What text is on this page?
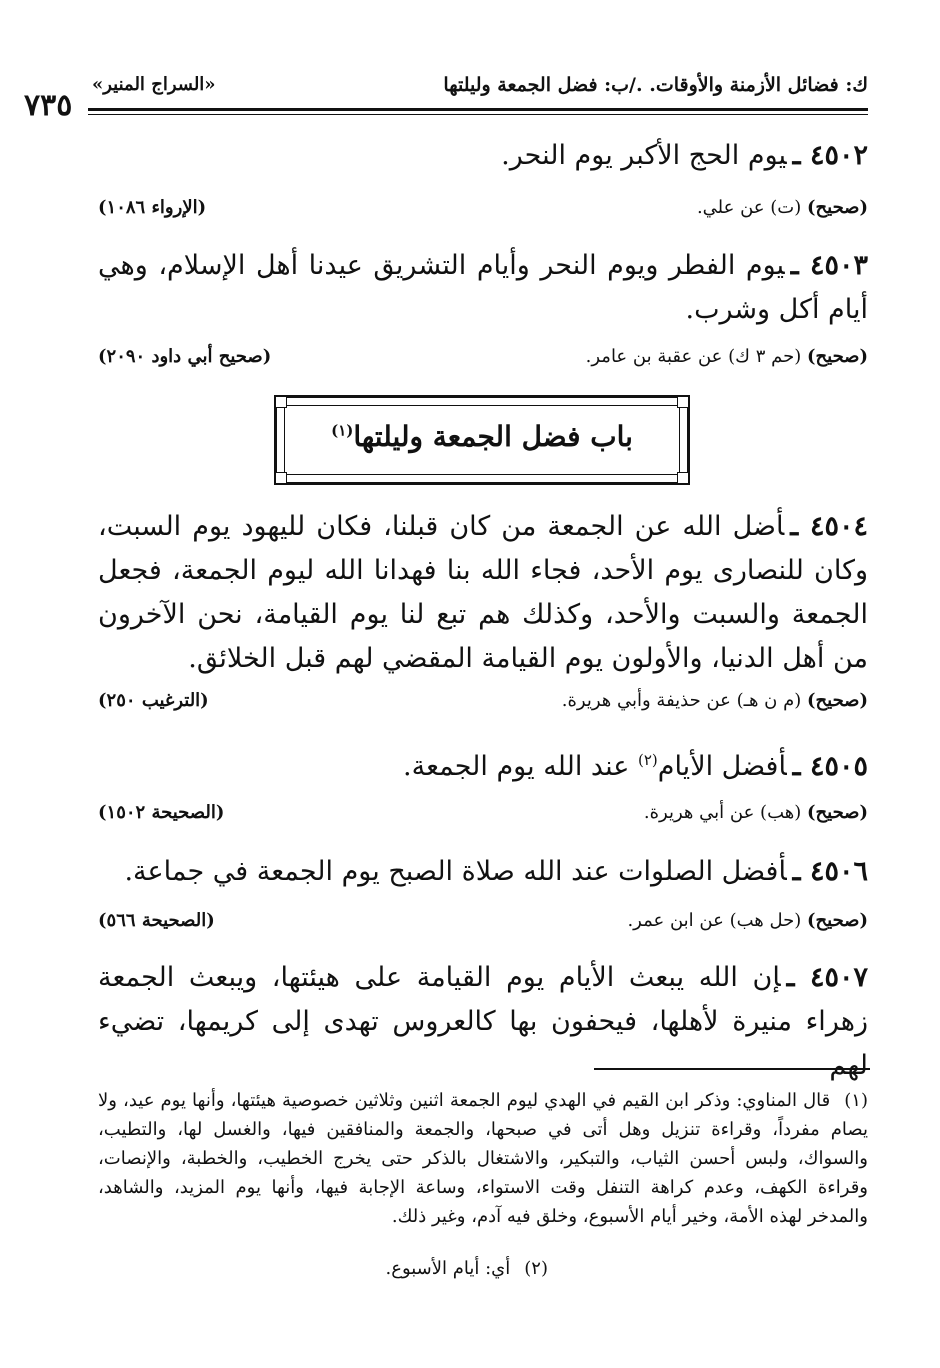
ك: فضائل الأزمنة والأوقات. ./ب: فضل الجمعة وليلتها
«السراج المنير»
٧٣٥
٤٥٠٢ ـيوم الحج الأكبر يوم النحر.
(صحيح) (ت) عن علي.
(الإرواء ١٠٨٦)
٤٥٠٣ ـيوم الفطر ويوم النحر وأيام التشريق عيدنا أهل الإسلام، وهي أيام أكل وشرب.
(صحيح) (حم ٣ ك) عن عقبة بن عامر.
(صحيح أبي داود ٢٠٩٠)
باب فضل الجمعة وليلتها$^{(١)}$
٤٥٠٤ ـأضل الله عن الجمعة من كان قبلنا، فكان لليهود يوم السبت، وكان للنصارى يوم الأحد، فجاء الله بنا فهدانا الله ليوم الجمعة، فجعل الجمعة والسبت والأحد، وكذلك هم تبع لنا يوم القيامة، نحن الآخرون من أهل الدنيا، والأولون يوم القيامة المقضي لهم قبل الخلائق.
(صحيح) (م ن هـ) عن حذيفة وأبي هريرة.
(الترغيب ٢٥٠)
٤٥٠٥ ـأفضل الأيام$^{(٢)}$ عند الله يوم الجمعة.
(صحيح) (هب) عن أبي هريرة.
(الصحيحة ١٥٠٢)
٤٥٠٦ ـأفضل الصلوات عند الله صلاة الصبح يوم الجمعة في جماعة.
(صحيح) (حل هب) عن ابن عمر.
(الصحيحة ٥٦٦)
٤٥٠٧ ـإن الله يبعث الأيام يوم القيامة على هيئتها، ويبعث الجمعة زهراء منيرة لأهلها، فيحفون بها كالعروس تهدى إلى كريمها، تضيء لهم
(١)قال المناوي: وذكر ابن القيم في الهدي ليوم الجمعة اثنين وثلاثين خصوصية هيئتها، وأنها يوم عيد، ولا يصام مفرداً، وقراءة تنزيل وهل أتى في صبحها، والجمعة والمنافقين فيها، والغسل لها، والتطيب، والسواك، ولبس أحسن الثياب، والتبكير، والاشتغال بالذكر حتى يخرج الخطيب، والخطبة، والإنصات، وقراءة الكهف، وعدم كراهة التنفل وقت الاستواء، وساعة الإجابة فيها، وأنها يوم المزيد، والشاهد، والمدخر لهذه الأمة، وخير أيام الأسبوع، وخلق فيه آدم، وغير ذلك.
(٢)أي: أيام الأسبوع.
